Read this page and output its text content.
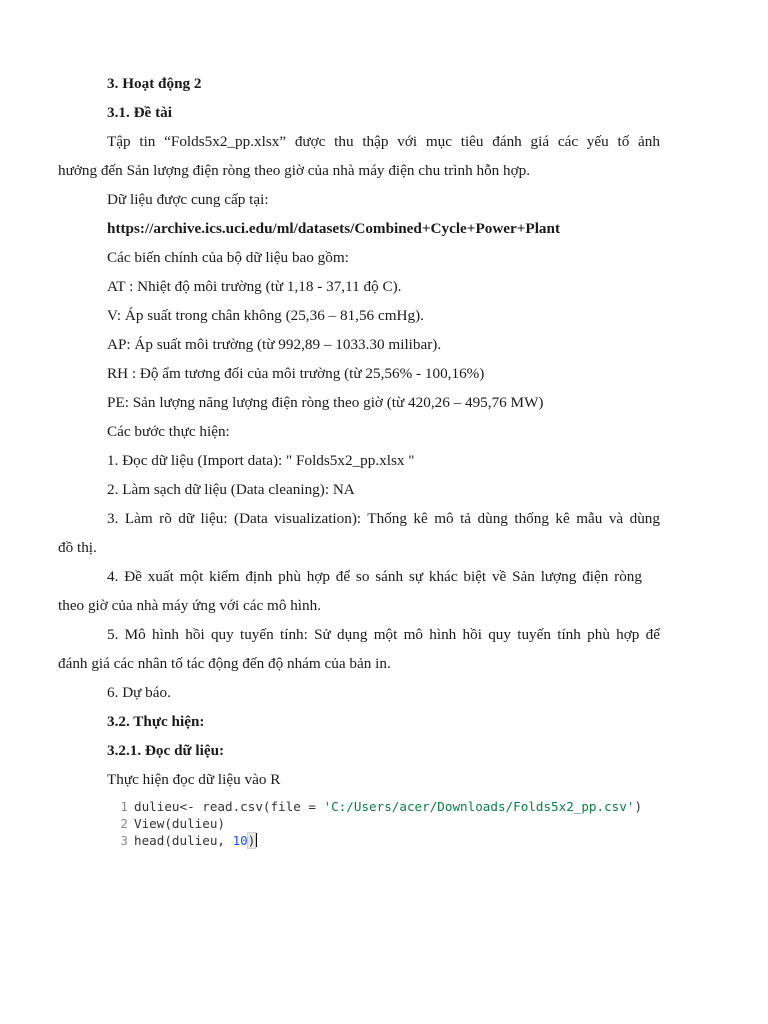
3. Hoạt động 2
3.1. Đề tài
Tập tin “Folds5x2_pp.xlsx” được thu thập với mục tiêu đánh giá các yếu tố ảnh
hưởng đến Sản lượng điện ròng theo giờ của nhà máy điện chu trình hỗn hợp.
Dữ liệu được cung cấp tại:
https://archive.ics.uci.edu/ml/datasets/Combined+Cycle+Power+Plant
Các biến chính của bộ dữ liệu bao gồm:
AT : Nhiệt độ môi trường (từ 1,18 - 37,11 độ C).
V: Áp suất trong chân không (25,36 – 81,56 cmHg).
AP: Áp suất môi trường (từ 992,89 – 1033.30 milibar).
RH : Độ ẩm tương đối của môi trường (từ 25,56% - 100,16%)
PE: Sản lượng năng lượng điện ròng theo giờ (từ 420,26 – 495,76 MW)
Các bước thực hiện:
1. Đọc dữ liệu (Import data): " Folds5x2_pp.xlsx "
2. Làm sạch dữ liệu (Data cleaning): NA
3. Làm rõ dữ liệu: (Data visualization): Thống kê mô tả dùng thống kê mẫu và dùng
đồ thị.
4. Đề xuất một kiểm định phù hợp để so sánh sự khác biệt về Sản lượng điện ròng
theo giờ của nhà máy ứng với các mô hình.
5. Mô hình hồi quy tuyến tính: Sử dụng một mô hình hồi quy tuyến tính phù hợp để
đánh giá các nhân tố tác động đến độ nhám của bản in.
6. Dự báo.
3.2. Thực hiện:
3.2.1. Đọc dữ liệu:
Thực hiện đọc dữ liệu vào R
1 dulieu<- read.csv(file = 'C:/Users/acer/Downloads/Folds5x2_pp.csv')
2 View(dulieu)
3 head(dulieu, 10)
